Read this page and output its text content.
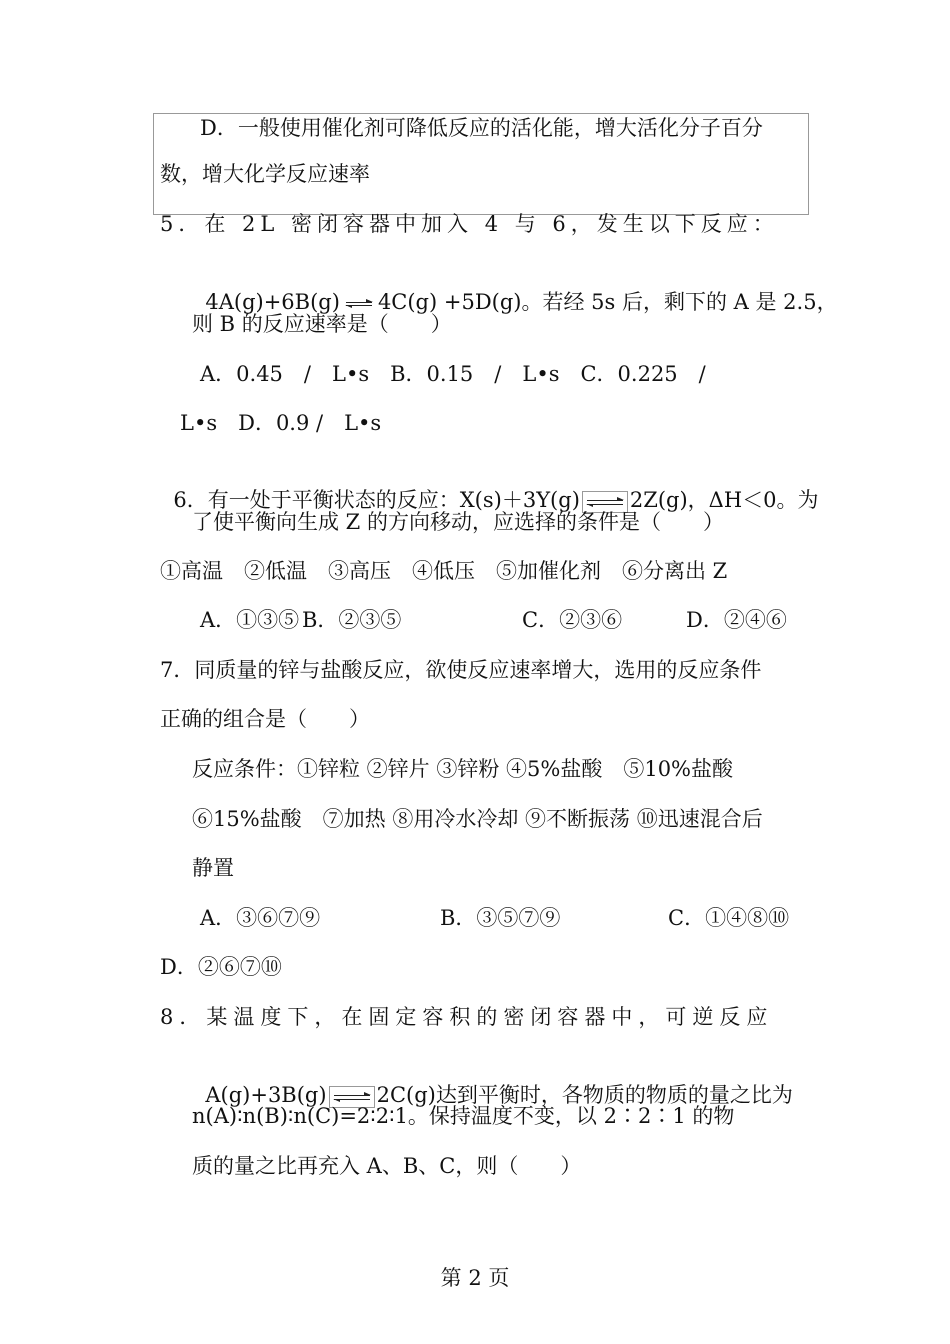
D．一般使用催化剂可降低反应的活化能，增大活化分子百分
数，增大化学反应速率
5．在 2L 密闭容器中加入 4 与 6，发生以下反应：

4A(g)+6B(g) ⇌ 4C(g) +5D(g)。若经 5s 后，剩下的 A 是 2.5，

则 B 的反应速率是（　　）
A．0.45　/　L•s　B．0.15　/　L•s　C．0.225　/
L•s　D．0.9 /　L•s

6．有一处于平衡状态的反应：X(s)＋3Y(g) 2Z(g)，ΔH＜0。为

了使平衡向生成 Z 的方向移动，应选择的条件是（　　）
①高温　②低温　③高压　④低压　⑤加催化剂　⑥分离出 Z
A．①③⑤ B．②③⑤	C．②③⑥	D．②④⑥
7．同质量的锌与盐酸反应，欲使反应速率增大，选用的反应条件
正确的组合是（　　）
反应条件：①锌粒 ②锌片 ③锌粉 ④5%盐酸　⑤10%盐酸
⑥15%盐酸　⑦加热 ⑧用冷水冷却 ⑨不断振荡 ⑩迅速混合后
静置
A．③⑥⑦⑨	B．③⑤⑦⑨	C．①④⑧⑩
D．②⑥⑦⑩
8．某温度下，在固定容积的密闭容器中，可逆反应

A(g)+3B(g) 2C(g)达到平衡时，各物质的物质的量之比为

n(A)∶n(B)∶n(C)=2∶2∶1。保持温度不变，以 2∶2∶1 的物
质的量之比再充入 A、B、C，则（　　）
第 2 页
